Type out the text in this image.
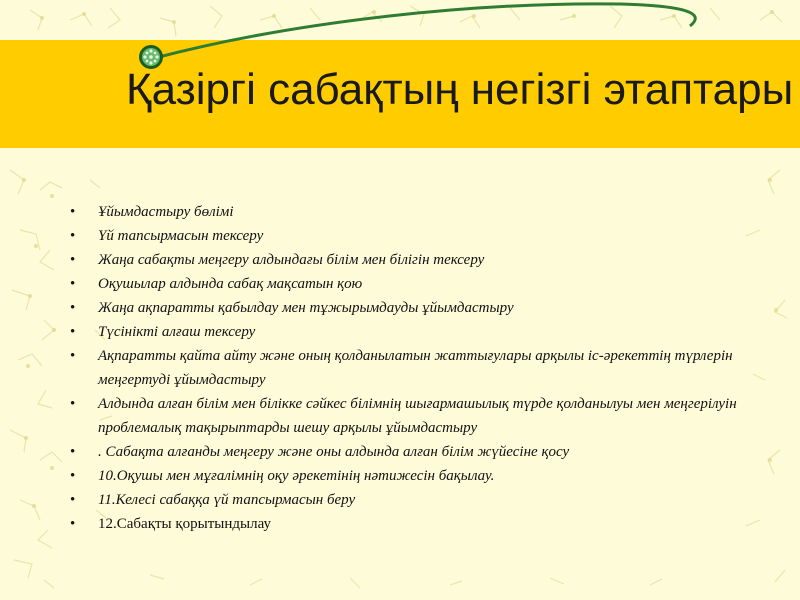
Қазіргі сабақтың негізгі этаптары
• Ұйымдастыру бөлімі
• Үй тапсырмасын тексеру
• Жаңа сабақты меңгеру алдындағы білім мен білігін тексеру
• Оқушылар алдында сабақ мақсатын қою
• Жаңа ақпаратты қабылдау мен тұжырымдауды ұйымдастыру
• Түсінікті алғаш тексеру
• Ақпаратты қайта айту және оның қолданылатын жаттығулары арқылы іс-әрекеттің түрлерін меңгертуді ұйымдастыру
• Алдында алған білім мен білікке сәйкес білімнің шығармашылық түрде қолданылуы мен меңгерілуін проблемалық тақырыптарды шешу арқылы ұйымдастыру
• . Сабақта алғанды меңгеру және оны алдында алған білім жүйесіне қосу
• 10.Оқушы мен мұғалімнің оқу әрекетінің нәтижесін бақылау.
• 11.Келесі сабаққа үй тапсырмасын беру
• 12.Сабақты қорытындылау
